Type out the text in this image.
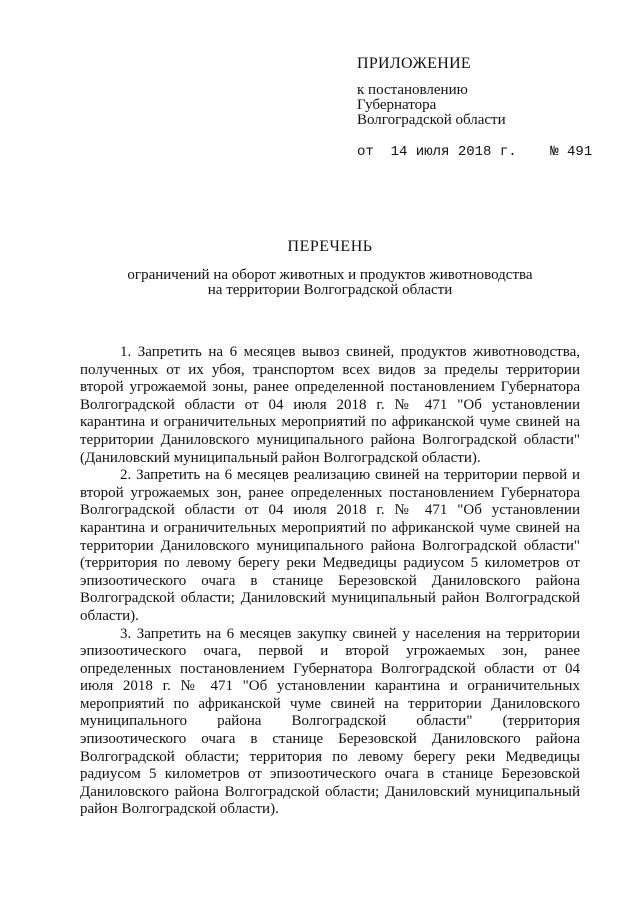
ПРИЛОЖЕНИЕ
к постановлению
Губернатора
Волгоградской области
от  14 июля 2018 г.    № 491
ПЕРЕЧЕНЬ
ограничений на оборот животных и продуктов животноводства
на территории Волгоградской области

1. Запретить на 6 месяцев вывоз свиней, продуктов животноводства, полученных от их убоя, транспортом всех видов за пределы территории второй угрожаемой зоны, ранее определенной постановлением Губернатора Волгоградской области от 04 июля 2018 г. № 471 "Об установлении карантина и ограничительных мероприятий по африканской чуме свиней на территории Даниловского муниципального района Волгоградской области" (Даниловский муниципальный район Волгоградской области).

2. Запретить на 6 месяцев реализацию свиней на территории первой и второй угрожаемых зон, ранее определенных постановлением Губернатора Волгоградской области от 04 июля 2018 г. № 471 "Об установлении карантина и ограничительных мероприятий по африканской чуме свиней на территории Даниловского муниципального района Волгоградской области" (территория по левому берегу реки Медведицы радиусом 5 километров от эпизоотического очага в станице Березовской Даниловского района Волгоградской области; Даниловский муниципальный район Волгоградской области).

3. Запретить на 6 месяцев закупку свиней у населения на территории эпизоотического очага, первой и второй угрожаемых зон, ранее определенных постановлением Губернатора Волгоградской области от 04 июля 2018 г. № 471 "Об установлении карантина и ограничительных мероприятий по африканской чуме свиней на территории Даниловского муниципального района Волгоградской области" (территория эпизоотического очага в станице Березовской Даниловского района Волгоградской области; территория по левому берегу реки Медведицы радиусом 5 километров от эпизоотического очага в станице Березовской Даниловского района Волгоградской области; Даниловский муниципальный район Волгоградской области).
